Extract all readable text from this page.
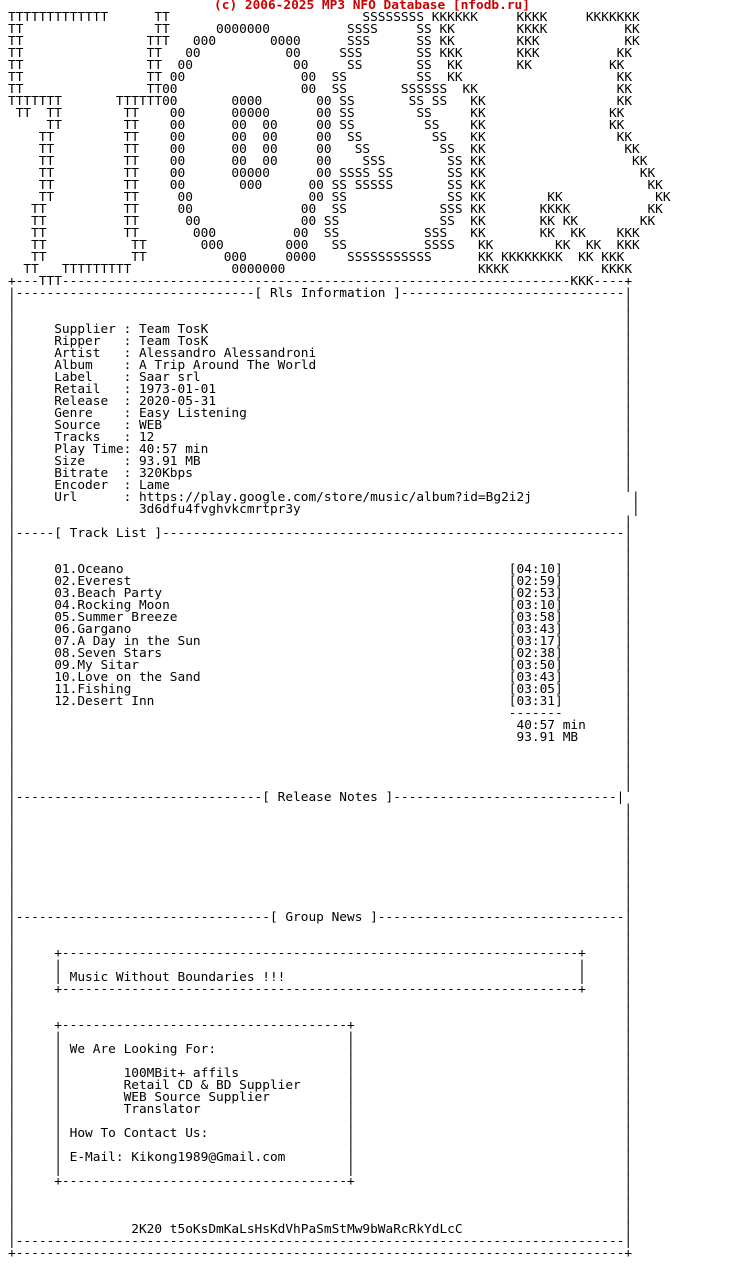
(c) 2006-2025 MP3 NFO Database [nfodb.ru]
TTTTTTTTTTTTT      TT                         SSSSSSSS KKKKKK     KKKK     KKKKKKK
TT                 TT      0000000          SSSS     SS KK        KKKK          KK
TT                TTT   000       0000      SSS      SS KK        KKK           KK
TT                TT   00           00     SSS       SS KKK       KKK          KK
TT                TT  00             00     SS       SS  KK       KK          KK
TT                TT 00               00  SS         SS  KK                    KK
TT                TT00                00  SS       SSSSSS  KK                  KK
TTTTTTT       TTTTTT00       0000       00 SS       SS SS   KK                 KK
TT  TT        TT    00      00000      00 SS        SS     KK                KK
TT        TT    00      00  00     00 SS         SS    KK                KK
TT         TT    00      00  00     00  SS         SS   KK                 KK
TT         TT    00      00  00     00   SS         SS  KK                  KK
TT         TT    00      00  00     00    SSS        SS KK                   KK
TT         TT    00      00000      00 SSSS SS       SS KK                    KK
TT         TT    00       000      00 SS SSSSS       SS KK                     KK
TT         TT     00               00 SS             SS KK        KK            KK
TT          TT     00              00  SS            SSS KK       KKKK          KK
TT          TT      00             00 SS             SS  KK       KK KK        KK
TT          TT       000          00  SS           SSS   KK       KK  KK    KKK
TT           TT       000        000   SS          SSSS   KK        KK  KK  KKK
TT           TT          000     0000    SSSSSSSSSSS      KK KKKKKKKK  KK KKK
TT   TTTTTTTTT             0000000                         KKKK            KKKK
+---TTT------------------------------------------------------------------KKK----+
|-------------------------------[ Rls Information ]-----------------------------|
|                                                                               |
|                                                                               |
|     Supplier : Team TosK                                                      |
|     Ripper   : Team TosK                                                      |
|     Artist   : Alessandro Alessandroni                                        |
|     Album    : A Trip Around The World                                        |
|     Label    : Saar srl                                                       |
|     Retail   : 1973-01-01                                                     |
|     Release  : 2020-05-31                                                     |
|     Genre    : Easy Listening                                                 |
|     Source   : WEB                                                            |
|     Tracks   : 12                                                             |
|     Play Time: 40:57 min                                                      |
|     Size     : 93.91 MB                                                       |
|     Bitrate  : 320Kbps                                                        |
|     Encoder  : Lame                                                           |
|     Url      : https://play.google.com/store/music/album?id=Bg2i2j             |
|                3d6dfu4fvghvkcmrtpr3y                                           |
|                                                                               |
|-----[ Track List ]------------------------------------------------------------|
|                                                                               |
|                                                                               |
|     01.Oceano                                                  [04:10]        |
|     02.Everest                                                 [02:59]        |
|     03.Beach Party                                             [02:53]        |
|     04.Rocking Moon                                            [03:10]        |
|     05.Summer Breeze                                           [03:58]        |
|     06.Gargano                                                 [03:43]        |
|     07.A Day in the Sun                                        [03:17]        |
|     08.Seven Stars                                             [02:38]        |
|     09.My Sitar                                                [03:50]        |
|     10.Love on the Sand                                        [03:43]        |
|     11.Fishing                                                 [03:05]        |
|     12.Desert Inn                                              [03:31]        |
|                                                                -------        |
|                                                                 40:57 min     |
|                                                                 93.91 MB      |
|                                                                               |
|                                                                               |
|                                                                               |
|                                                                               |
|--------------------------------[ Release Notes ]-----------------------------|
|                                                                               |
|                                                                               |
|                                                                               |
|                                                                               |
|                                                                               |
|                                                                               |
|                                                                               |
|                                                                               |
|                                                                               |
|---------------------------------[ Group News ]--------------------------------|
|                                                                               |
|                                                                               |
|     +-------------------------------------------------------------------+     |
|     |                                                                   |     |
|     | Music Without Boundaries !!!                                      |     |
|     +-------------------------------------------------------------------+     |
|                                                                               |
|                                                                               |
|     +-------------------------------------+                                   |
|     |                                     |                                   |
|     | We Are Looking For:                 |                                   |
|     |                                     |                                   |
|     |        100MBit+ affils              |                                   |
|     |        Retail CD & BD Supplier      |                                   |
|     |        WEB Source Supplier          |                                   |
|     |        Translator                   |                                   |
|     |                                     |                                   |
|     | How To Contact Us:                  |                                   |
|     |                                     |                                   |
|     | E-Mail: Kikong1989@Gmail.com        |                                   |
|     |                                     |                                   |
|     +-------------------------------------+                                   |
|                                                                               |
|                                                                               |
|                                                                               |
|               2K20 t5oKsDmKaLsHsKdVhPaSmStMw9bWaRcRkYdLcC                     |
|-------------------------------------------------------------------------------|
+-------------------------------------------------------------------------------+
